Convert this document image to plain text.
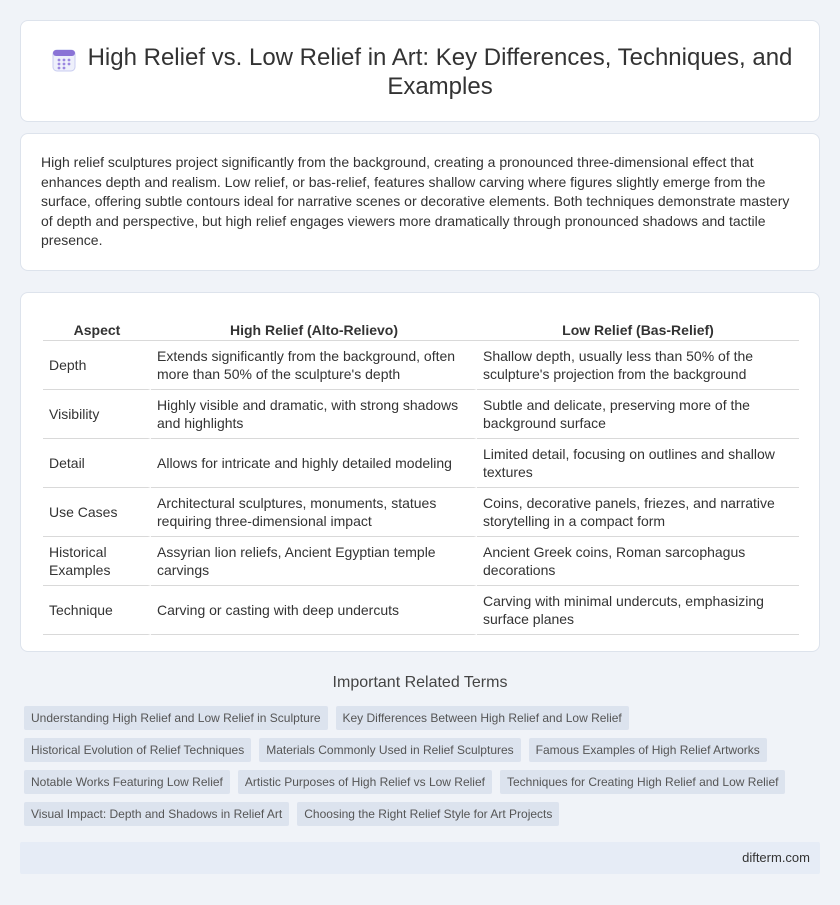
High Relief vs. Low Relief in Art: Key Differences, Techniques, and Examples

High relief sculptures project significantly from the background, creating a pronounced three-dimensional effect that enhances depth and realism. Low relief, or bas-relief, features shallow carving where figures slightly emerge from the surface, offering subtle contours ideal for narrative scenes or decorative elements. Both techniques demonstrate mastery of depth and perspective, but high relief engages viewers more dramatically through pronounced shadows and tactile presence.

Aspect	High Relief (Alto-Relievo)	Low Relief (Bas-Relief)
Depth	Extends significantly from the background, often more than 50% of the sculpture's depth	Shallow depth, usually less than 50% of the sculpture's projection from the background
Visibility	Highly visible and dramatic, with strong shadows and highlights	Subtle and delicate, preserving more of the background surface
Detail	Allows for intricate and highly detailed modeling	Limited detail, focusing on outlines and shallow textures
Use Cases	Architectural sculptures, monuments, statues requiring three-dimensional impact	Coins, decorative panels, friezes, and narrative storytelling in a compact form
Historical Examples	Assyrian lion reliefs, Ancient Egyptian temple carvings	Ancient Greek coins, Roman sarcophagus decorations
Technique	Carving or casting with deep undercuts	Carving with minimal undercuts, emphasizing surface planes
Important Related Terms
Understanding High Relief and Low Relief in Sculpture	Key Differences Between High Relief and Low Relief
Historical Evolution of Relief Techniques	Materials Commonly Used in Relief Sculptures	Famous Examples of High Relief Artworks
Notable Works Featuring Low Relief	Artistic Purposes of High Relief vs Low Relief	Techniques for Creating High Relief and Low Relief
Visual Impact: Depth and Shadows in Relief Art	Choosing the Right Relief Style for Art Projects
difterm.com
